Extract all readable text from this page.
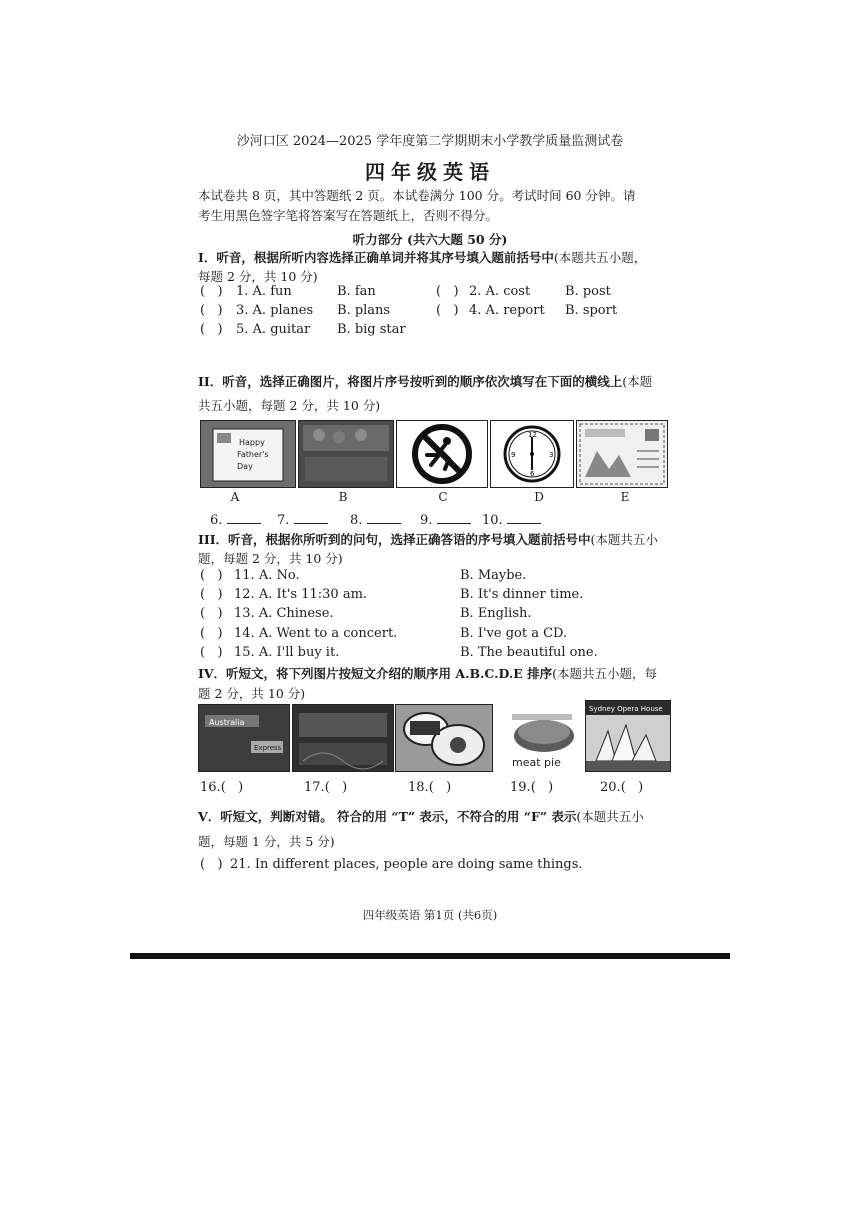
沙河口区 2024—2025 学年度第二学期期末小学教学质量监测试卷
四年级英语
本试卷共 8 页，其中答题纸 2 页。本试卷满分 100 分。考试时间 60 分钟。请
考生用黑色签字笔将答案写在答题纸上，否则不得分。
听力部分 (共六大题 50 分)
I．听音，根据所听内容选择正确单词并将其序号填入题前括号中(本题共五小题，
每题 2 分，共 10 分)
(   ) 1. A. fun	B. fan	(   ) 2. A. cost	B. post
(   ) 3. A. planes B. plans	(   ) 4. A. report B. sport
(   ) 5. A. guitar B. big star
II．听音，选择正确图片，将图片序号按听到的顺序依次填写在下面的横线上(本题
共五小题，每题 2 分，共 10 分)
Happy
Father's
Day
12
3
6
9
A	B	C	D	E
6.	7.	8.	9.	10.
III．听音，根据你所听到的问句，选择正确答语的序号填入题前括号中(本题共五小
题，每题 2 分，共 10 分)
(   ) 11. A. No.	B. Maybe.
(   ) 12. A. It's 11:30 am.	B. It's dinner time.
(   ) 13. A. Chinese.	B. English.
(   ) 14. A. Went to a concert.	B. I've got a CD.
(   ) 15. A. I'll buy it.	B. The beautiful one.
IV．听短文，将下列图片按短文介绍的顺序用 A.B.C.D.E 排序(本题共五小题，每
题 2 分，共 10 分)
Australia
Express
meat pie
Sydney Opera House
16.(   )	17.(   )	18.(   )	19.(   )	20.(   )
V．听短文，判断对错。 符合的用 “T” 表示，不符合的用 “F” 表示(本题共五小
题，每题 1 分，共 5 分)
(   ) 21. In different places, people are doing same things.
四年级英语 第1页 (共6页)
